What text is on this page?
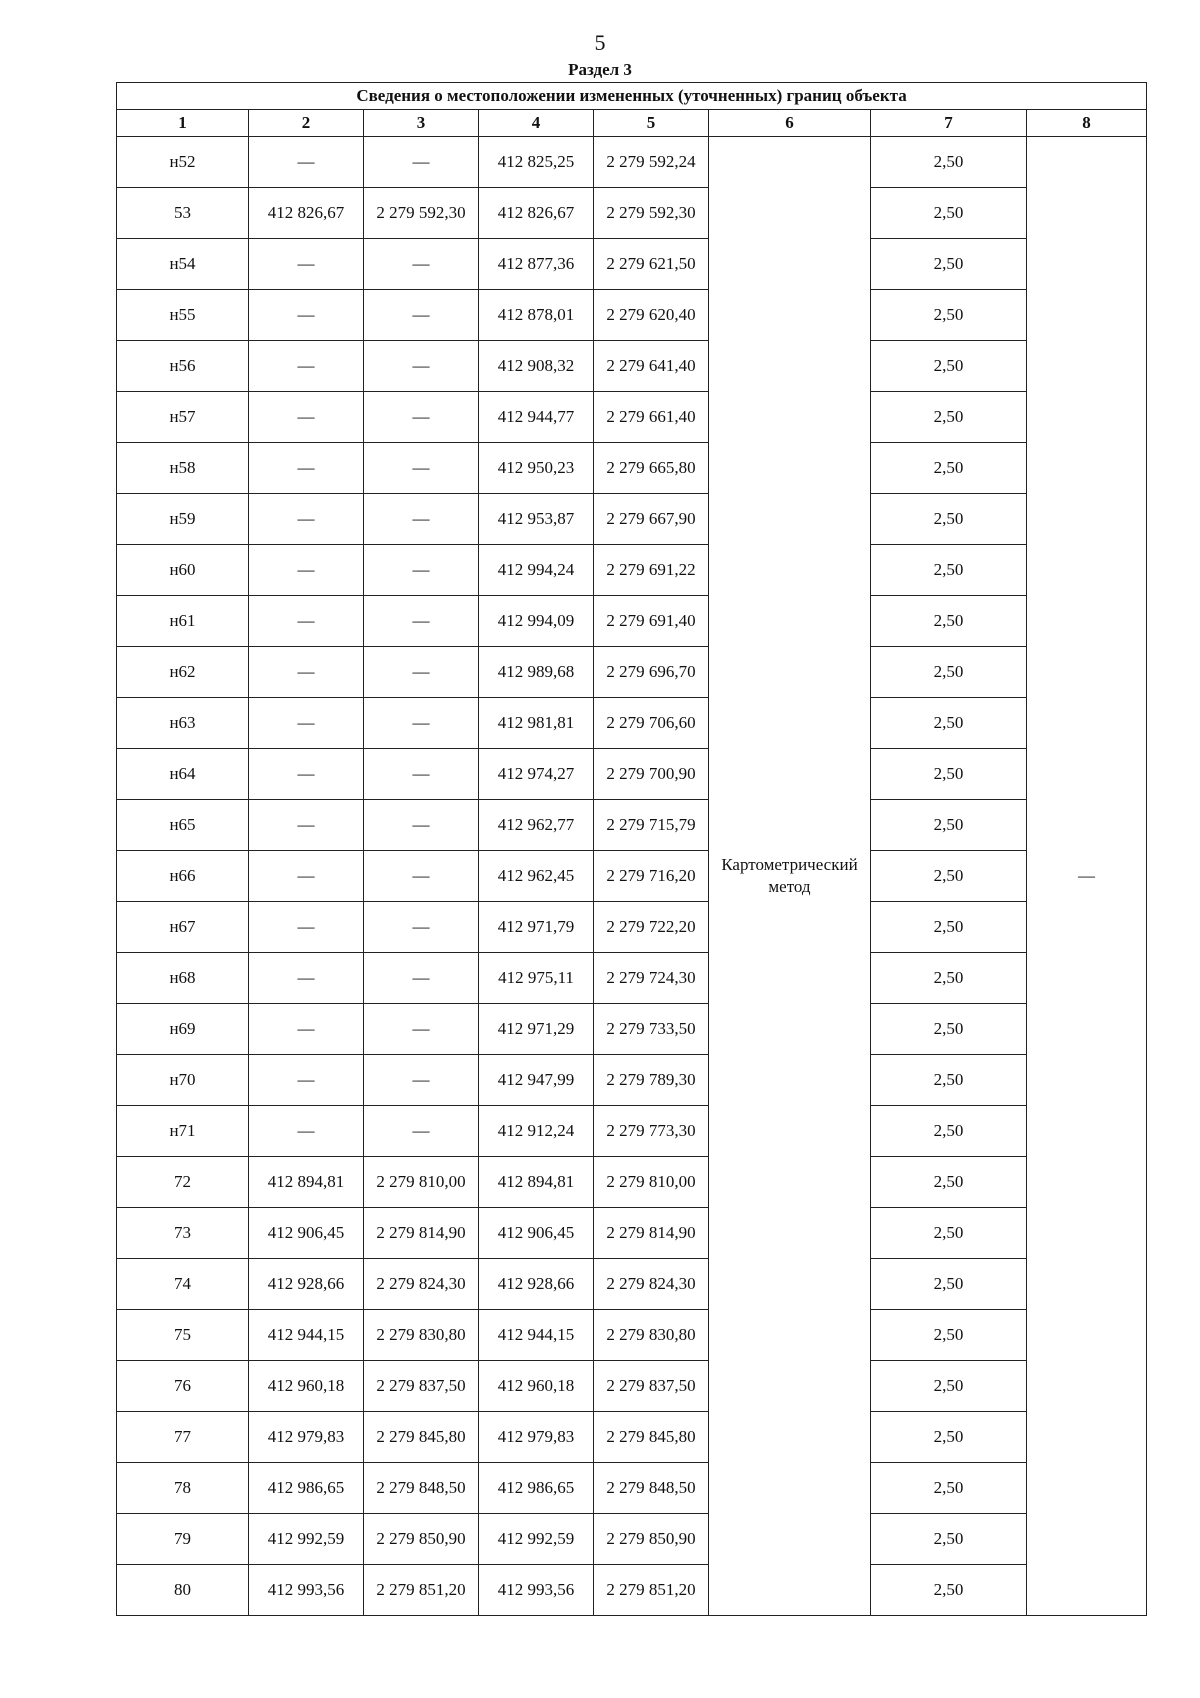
5
Раздел 3
Сведения о местоположении измененных (уточненных) границ объекта							
1	2	3	4	5	6	7	8
н52	—	—	412 825,25	2 279 592,24	Картометрический метод	2,50	—
53	412 826,67	2 279 592,30	412 826,67	2 279 592,30		2,50	
н54	—	—	412 877,36	2 279 621,50		2,50	
н55	—	—	412 878,01	2 279 620,40		2,50	
н56	—	—	412 908,32	2 279 641,40		2,50	
н57	—	—	412 944,77	2 279 661,40		2,50	
н58	—	—	412 950,23	2 279 665,80		2,50	
н59	—	—	412 953,87	2 279 667,90		2,50	
н60	—	—	412 994,24	2 279 691,22		2,50	
н61	—	—	412 994,09	2 279 691,40		2,50	
н62	—	—	412 989,68	2 279 696,70		2,50	
н63	—	—	412 981,81	2 279 706,60		2,50	
н64	—	—	412 974,27	2 279 700,90		2,50	
н65	—	—	412 962,77	2 279 715,79		2,50	
н66	—	—	412 962,45	2 279 716,20		2,50	
н67	—	—	412 971,79	2 279 722,20		2,50	
н68	—	—	412 975,11	2 279 724,30		2,50	
н69	—	—	412 971,29	2 279 733,50		2,50	
н70	—	—	412 947,99	2 279 789,30		2,50	
н71	—	—	412 912,24	2 279 773,30		2,50	
72	412 894,81	2 279 810,00	412 894,81	2 279 810,00		2,50	
73	412 906,45	2 279 814,90	412 906,45	2 279 814,90		2,50	
74	412 928,66	2 279 824,30	412 928,66	2 279 824,30		2,50	
75	412 944,15	2 279 830,80	412 944,15	2 279 830,80		2,50	
76	412 960,18	2 279 837,50	412 960,18	2 279 837,50		2,50	
77	412 979,83	2 279 845,80	412 979,83	2 279 845,80		2,50	
78	412 986,65	2 279 848,50	412 986,65	2 279 848,50		2,50	
79	412 992,59	2 279 850,90	412 992,59	2 279 850,90		2,50	
80	412 993,56	2 279 851,20	412 993,56	2 279 851,20		2,50	
